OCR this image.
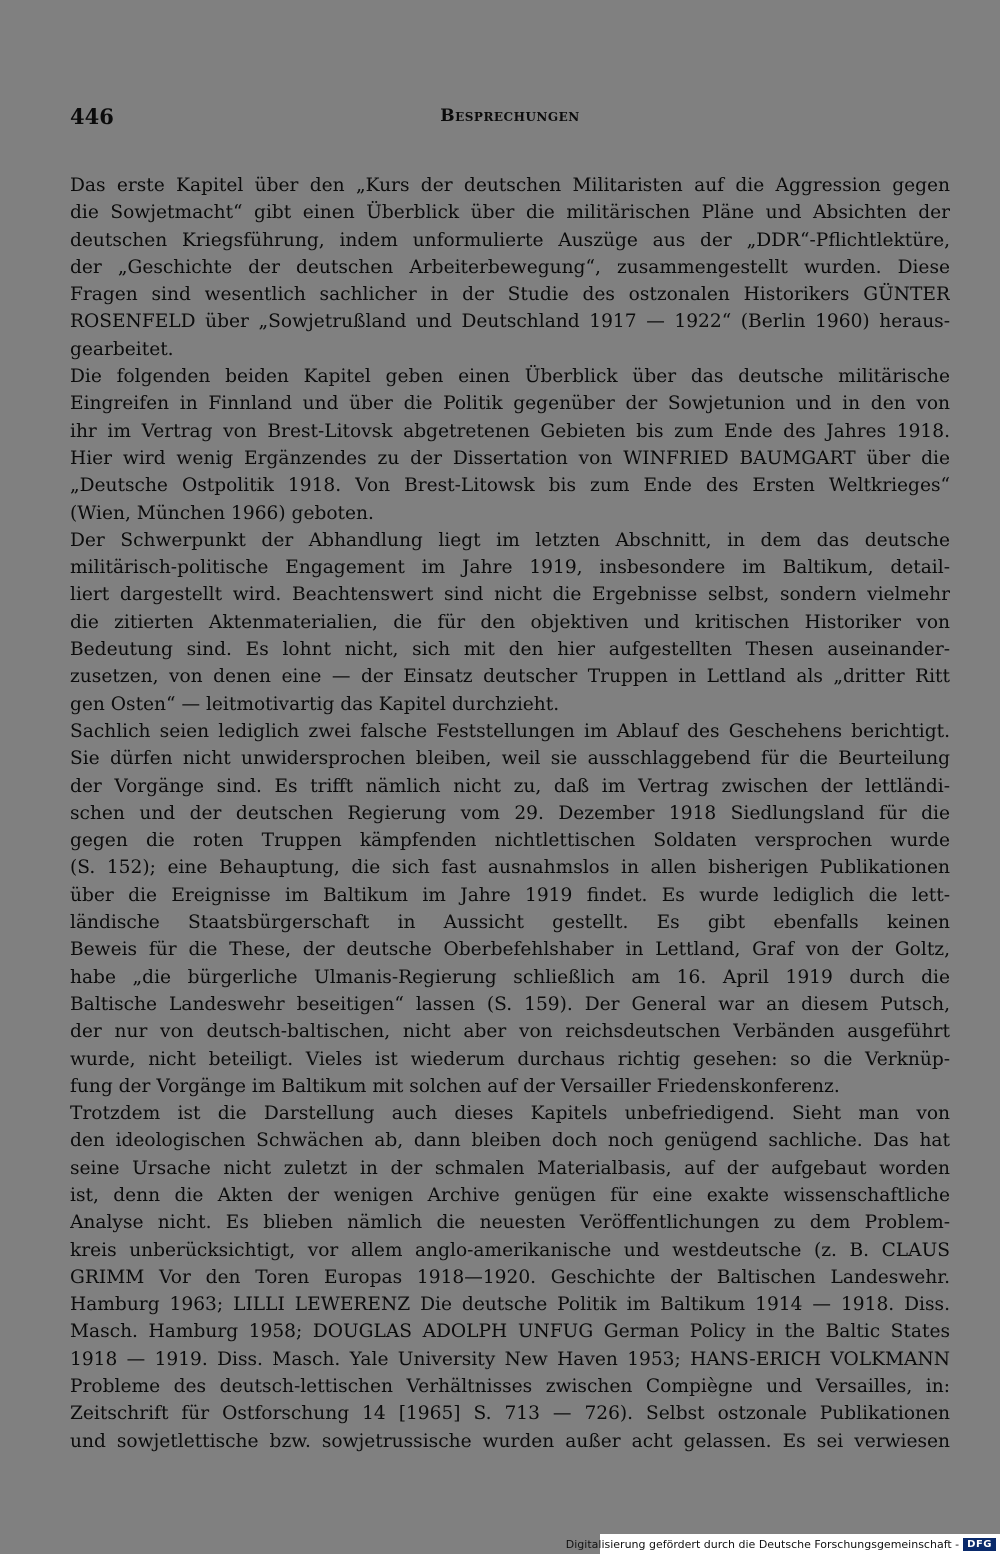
446	Besprechungen
Das erste Kapitel über den „Kurs der deutschen Militaristen auf die Aggression gegen
die Sowjetmacht“ gibt einen Überblick über die militärischen Pläne und Absichten der
deutschen Kriegsführung, indem unformulierte Auszüge aus der „DDR“-Pflichtlektüre,
der „Geschichte der deutschen Arbeiterbewegung“, zusammengestellt wurden. Diese
Fragen sind wesentlich sachlicher in der Studie des ostzonalen Historikers GÜNTER
ROSENFELD über „Sowjetrußland und Deutschland 1917 — 1922“ (Berlin 1960) heraus-
gearbeitet.
Die folgenden beiden Kapitel geben einen Überblick über das deutsche militärische
Eingreifen in Finnland und über die Politik gegenüber der Sowjetunion und in den von
ihr im Vertrag von Brest-Litovsk abgetretenen Gebieten bis zum Ende des Jahres 1918.
Hier wird wenig Ergänzendes zu der Dissertation von WINFRIED BAUMGART über die
„Deutsche Ostpolitik 1918. Von Brest-Litowsk bis zum Ende des Ersten Weltkrieges“
(Wien, München 1966) geboten.
Der Schwerpunkt der Abhandlung liegt im letzten Abschnitt, in dem das deutsche
militärisch-politische Engagement im Jahre 1919, insbesondere im Baltikum, detail-
liert dargestellt wird. Beachtenswert sind nicht die Ergebnisse selbst, sondern vielmehr
die zitierten Aktenmaterialien, die für den objektiven und kritischen Historiker von
Bedeutung sind. Es lohnt nicht, sich mit den hier aufgestellten Thesen auseinander-
zusetzen, von denen eine — der Einsatz deutscher Truppen in Lettland als „dritter Ritt
gen Osten“ — leitmotivartig das Kapitel durchzieht.
Sachlich seien lediglich zwei falsche Feststellungen im Ablauf des Geschehens berichtigt.
Sie dürfen nicht unwidersprochen bleiben, weil sie ausschlaggebend für die Beurteilung
der Vorgänge sind. Es trifft nämlich nicht zu, daß im Vertrag zwischen der lettländi-
schen und der deutschen Regierung vom 29. Dezember 1918 Siedlungsland für die
gegen die roten Truppen kämpfenden nichtlettischen Soldaten versprochen wurde
(S. 152); eine Behauptung, die sich fast ausnahmslos in allen bisherigen Publikationen
über die Ereignisse im Baltikum im Jahre 1919 findet. Es wurde lediglich die lett-
ländische Staatsbürgerschaft in Aussicht gestellt. Es gibt ebenfalls keinen
Beweis für die These, der deutsche Oberbefehlshaber in Lettland, Graf von der Goltz,
habe „die bürgerliche Ulmanis-Regierung schließlich am 16. April 1919 durch die
Baltische Landeswehr beseitigen“ lassen (S. 159). Der General war an diesem Putsch,
der nur von deutsch-baltischen, nicht aber von reichsdeutschen Verbänden ausgeführt
wurde, nicht beteiligt. Vieles ist wiederum durchaus richtig gesehen: so die Verknüp-
fung der Vorgänge im Baltikum mit solchen auf der Versailler Friedenskonferenz.
Trotzdem ist die Darstellung auch dieses Kapitels unbefriedigend. Sieht man von
den ideologischen Schwächen ab, dann bleiben doch noch genügend sachliche. Das hat
seine Ursache nicht zuletzt in der schmalen Materialbasis, auf der aufgebaut worden
ist, denn die Akten der wenigen Archive genügen für eine exakte wissenschaftliche
Analyse nicht. Es blieben nämlich die neuesten Veröffentlichungen zu dem Problem-
kreis unberücksichtigt, vor allem anglo-amerikanische und westdeutsche (z. B. CLAUS
GRIMM Vor den Toren Europas 1918—1920. Geschichte der Baltischen Landeswehr.
Hamburg 1963; LILLI LEWERENZ Die deutsche Politik im Baltikum 1914 — 1918. Diss.
Masch. Hamburg 1958; DOUGLAS ADOLPH UNFUG German Policy in the Baltic States
1918 — 1919. Diss. Masch. Yale University New Haven 1953; HANS-ERICH VOLKMANN
Probleme des deutsch-lettischen Verhältnisses zwischen Compiègne und Versailles, in:
Zeitschrift für Ostforschung 14 [1965] S. 713 — 726). Selbst ostzonale Publikationen
und sowjetlettische bzw. sowjetrussische wurden außer acht gelassen. Es sei verwiesen
Digitalisierung gefördert durch die Deutsche Forschungsgemeinschaft - DFG
